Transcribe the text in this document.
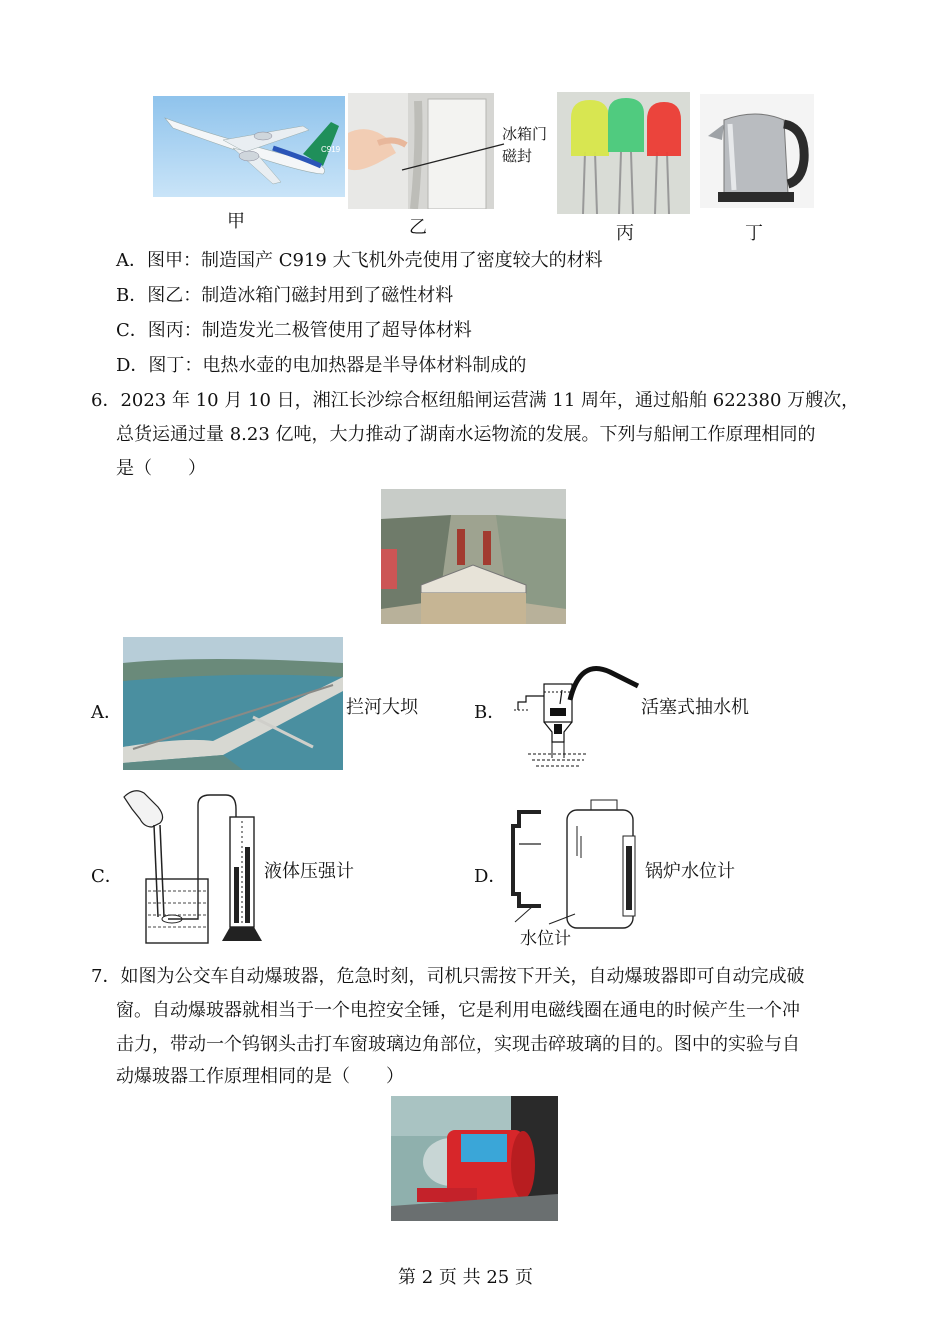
C919
冰箱门
磁封
甲	乙	丙	丁
A．图甲：制造国产 C919 大飞机外壳使用了密度较大的材料
B．图乙：制造冰箱门磁封用到了磁性材料
C．图丙：制造发光二极管使用了超导体材料
D．图丁：电热水壶的电加热器是半导体材料制成的
6．2023 年 10 月 10 日，湘江长沙综合枢纽船闸运营满 11 周年，通过船舶 622380 万艘次，
总货运通过量 8.23 亿吨，大力推动了湖南水运物流的发展。下列与船闸工作原理相同的
是（　　）
A．	拦河大坝	B．	活塞式抽水机
C．	液体压强计	D．
水位计
锅炉水位计
7．如图为公交车自动爆玻器，危急时刻，司机只需按下开关，自动爆玻器即可自动完成破
窗。自动爆玻器就相当于一个电控安全锤，它是利用电磁线圈在通电的时候产生一个冲
击力，带动一个钨钢头击打车窗玻璃边角部位，实现击碎玻璃的目的。图中的实验与自
动爆玻器工作原理相同的是（　　）
第 2 页 共 25 页
